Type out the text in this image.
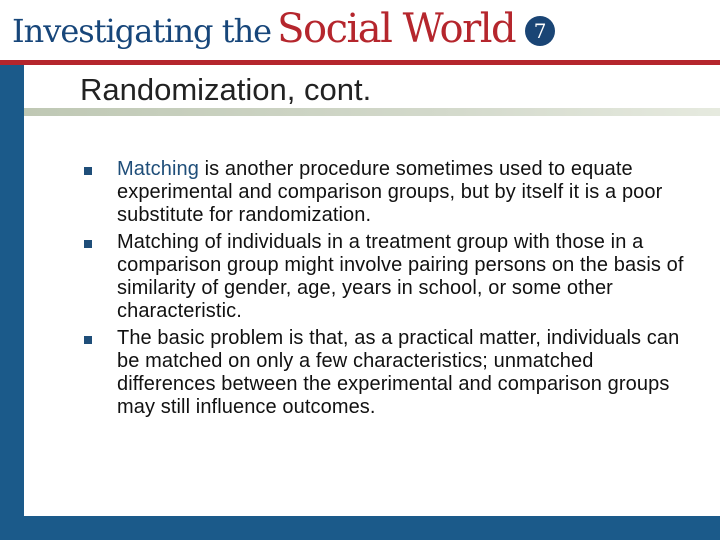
Investigating the Social World 7
Randomization, cont.
Matching is another procedure sometimes used to equate experimental and comparison groups, but by itself it is a poor substitute for randomization.
Matching of individuals in a treatment group with those in a comparison group might involve pairing persons on the basis of similarity of gender, age, years in school, or some other characteristic.
The basic problem is that, as a practical matter, individuals can be matched on only a few characteristics; unmatched differences between the experimental and comparison groups may still influence outcomes.
